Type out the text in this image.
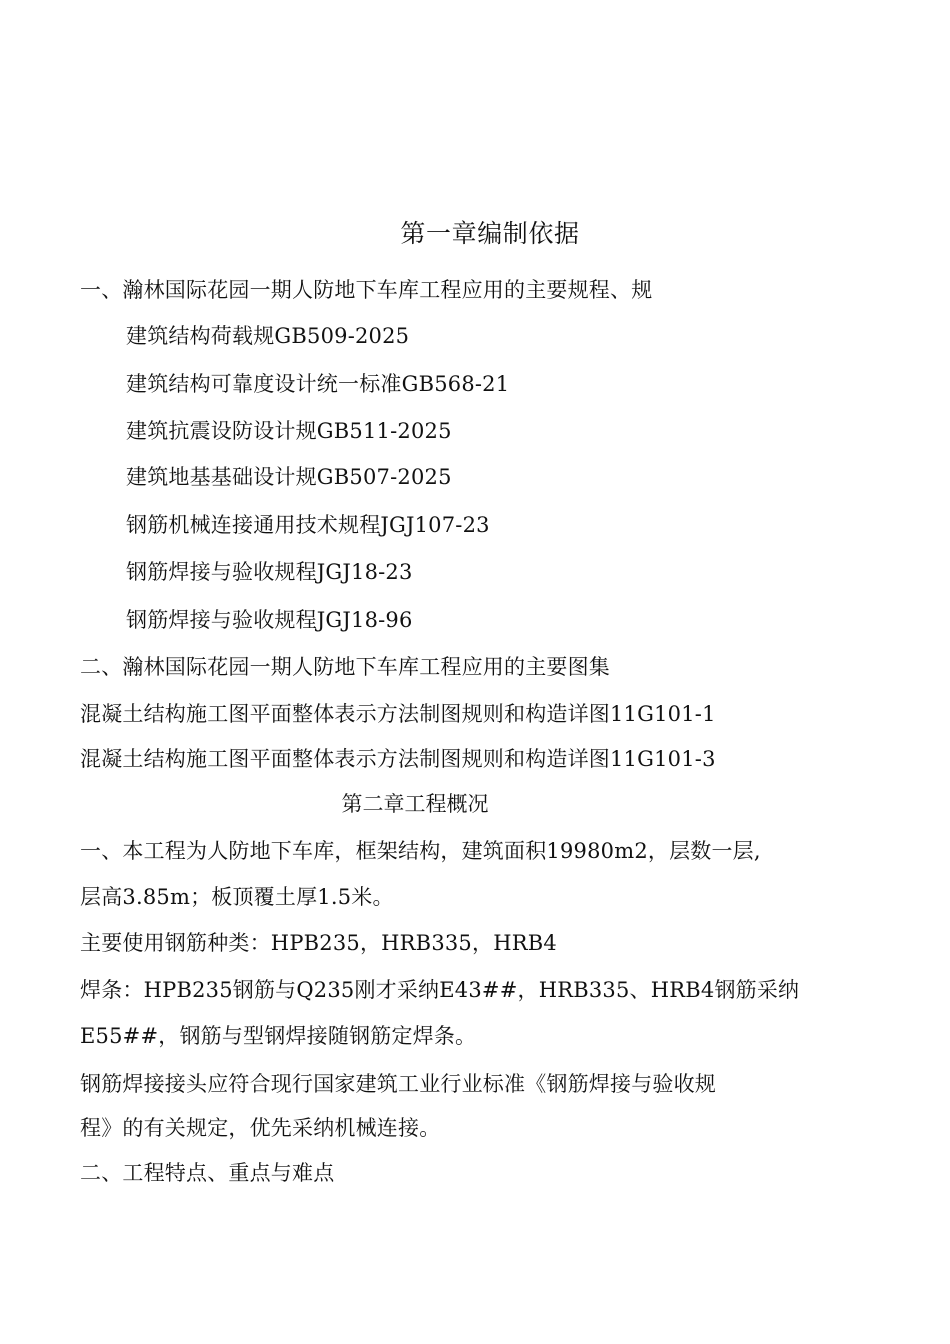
第一章编制依据
一、瀚林国际花园一期人防地下车库工程应用的主要规程、规
建筑结构荷载规GB509-2025
建筑结构可靠度设计统一标准GB568-21
建筑抗震设防设计规GB511-2025
建筑地基基础设计规GB507-2025
钢筋机械连接通用技术规程JGJ107-23
钢筋焊接与验收规程JGJ18-23
钢筋焊接与验收规程JGJ18-96
二、瀚林国际花园一期人防地下车库工程应用的主要图集
混凝土结构施工图平面整体表示方法制图规则和构造详图11G101-1
混凝土结构施工图平面整体表示方法制图规则和构造详图11G101-3
第二章工程概况
一、本工程为人防地下车库，框架结构，建筑面积19980m2，层数一层,
层高3.85m；板顶覆土厚1.5米。
主要使用钢筋种类：HPB235，HRB335，HRB4
焊条：HPB235钢筋与Q235刚才采纳E43##，HRB335、HRB4钢筋采纳
E55##，钢筋与型钢焊接随钢筋定焊条。
钢筋焊接接头应符合现行国家建筑工业行业标准《钢筋焊接与验收规
程》的有关规定，优先采纳机械连接。
二、工程特点、重点与难点
